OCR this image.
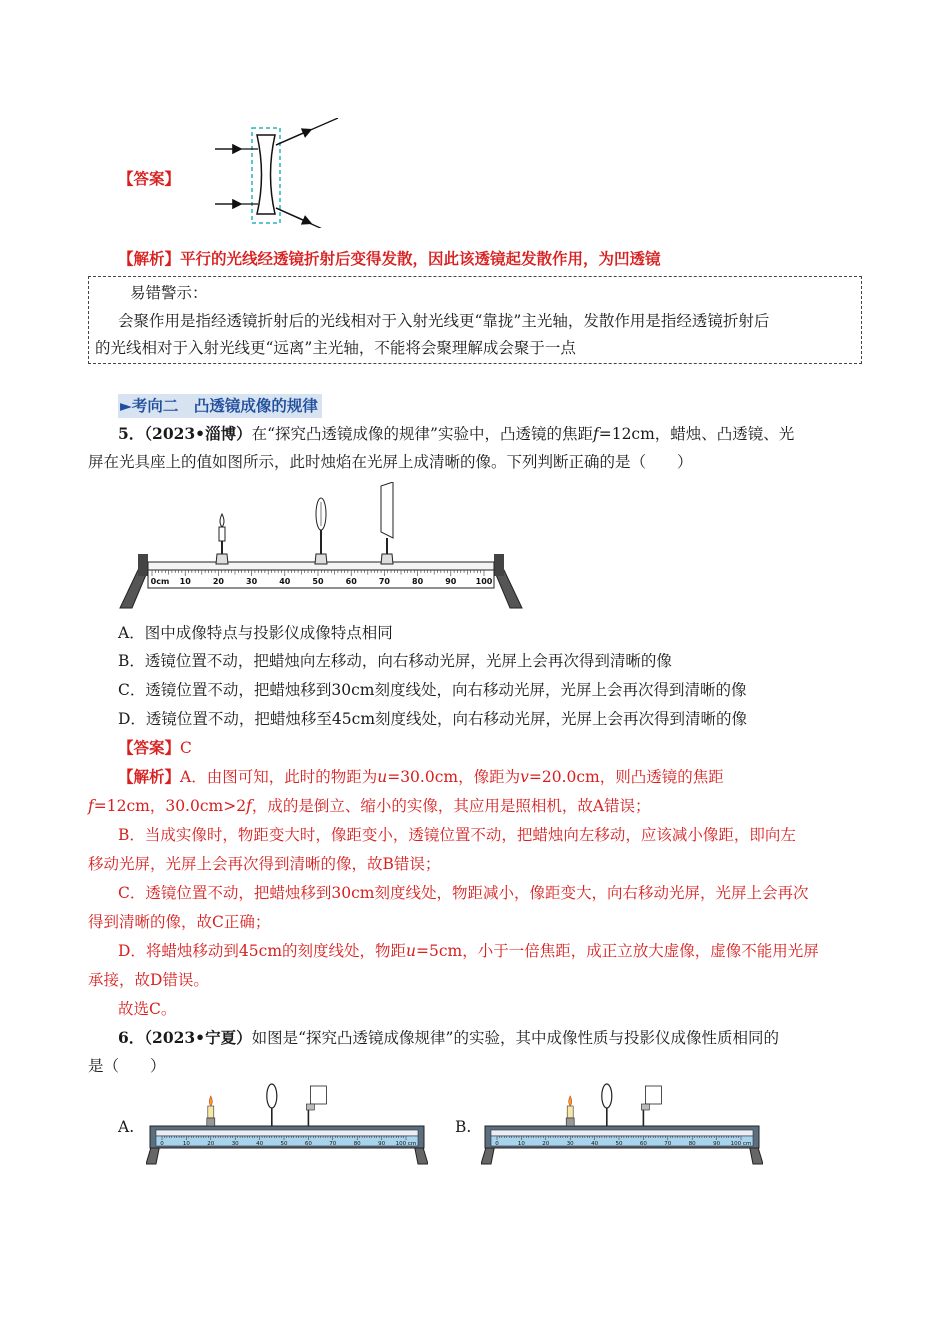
【答案】
【解析】平行的光线经透镜折射后变得发散，因此该透镜起发散作用，为凹透镜
易错警示：
会聚作用是指经透镜折射后的光线相对于入射光线更“靠拢”主光轴，发散作用是指经透镜折射后
的光线相对于入射光线更“远离”主光轴，不能将会聚理解成会聚于一点
►考向二　凸透镜成像的规律
5．（2023•淄博）在“探究凸透镜成像的规律”实验中，凸透镜的焦距f=12cm，蜡烛、凸透镜、光
屏在光具座上的值如图所示，此时烛焰在光屏上成清晰的像。下列判断正确的是（　　）
0cm 10	20	30	40	50	60	70	80	90 100
A．图中成像特点与投影仪成像特点相同
B．透镜位置不动，把蜡烛向左移动，向右移动光屏，光屏上会再次得到清晰的像
C．透镜位置不动，把蜡烛移到30cm刻度线处，向右移动光屏，光屏上会再次得到清晰的像
D．透镜位置不动，把蜡烛移至45cm刻度线处，向右移动光屏，光屏上会再次得到清晰的像
【答案】C
【解析】A．由图可知，此时的物距为u=30.0cm，像距为v=20.0cm，则凸透镜的焦距
f=12cm，30.0cm>2f，成的是倒立、缩小的实像，其应用是照相机，故A错误；
B．当成实像时，物距变大时，像距变小，透镜位置不动，把蜡烛向左移动，应该减小像距，即向左
移动光屏，光屏上会再次得到清晰的像，故B错误；
C．透镜位置不动，把蜡烛移到30cm刻度线处，物距减小，像距变大，向右移动光屏，光屏上会再次
得到清晰的像，故C正确；
D．将蜡烛移动到45cm的刻度线处，物距u=5cm，小于一倍焦距，成正立放大虚像，虚像不能用光屏
承接，故D错误。
故选C。
6．（2023•宁夏）如图是“探究凸透镜成像规律”的实验，其中成像性质与投影仪成像性质相同的
是（　　）
A.	B.
0	10	20	30	40	50	60	70	80	90 100 cm	0	10	20	30	40	50	60	70	80	90 100 cm
